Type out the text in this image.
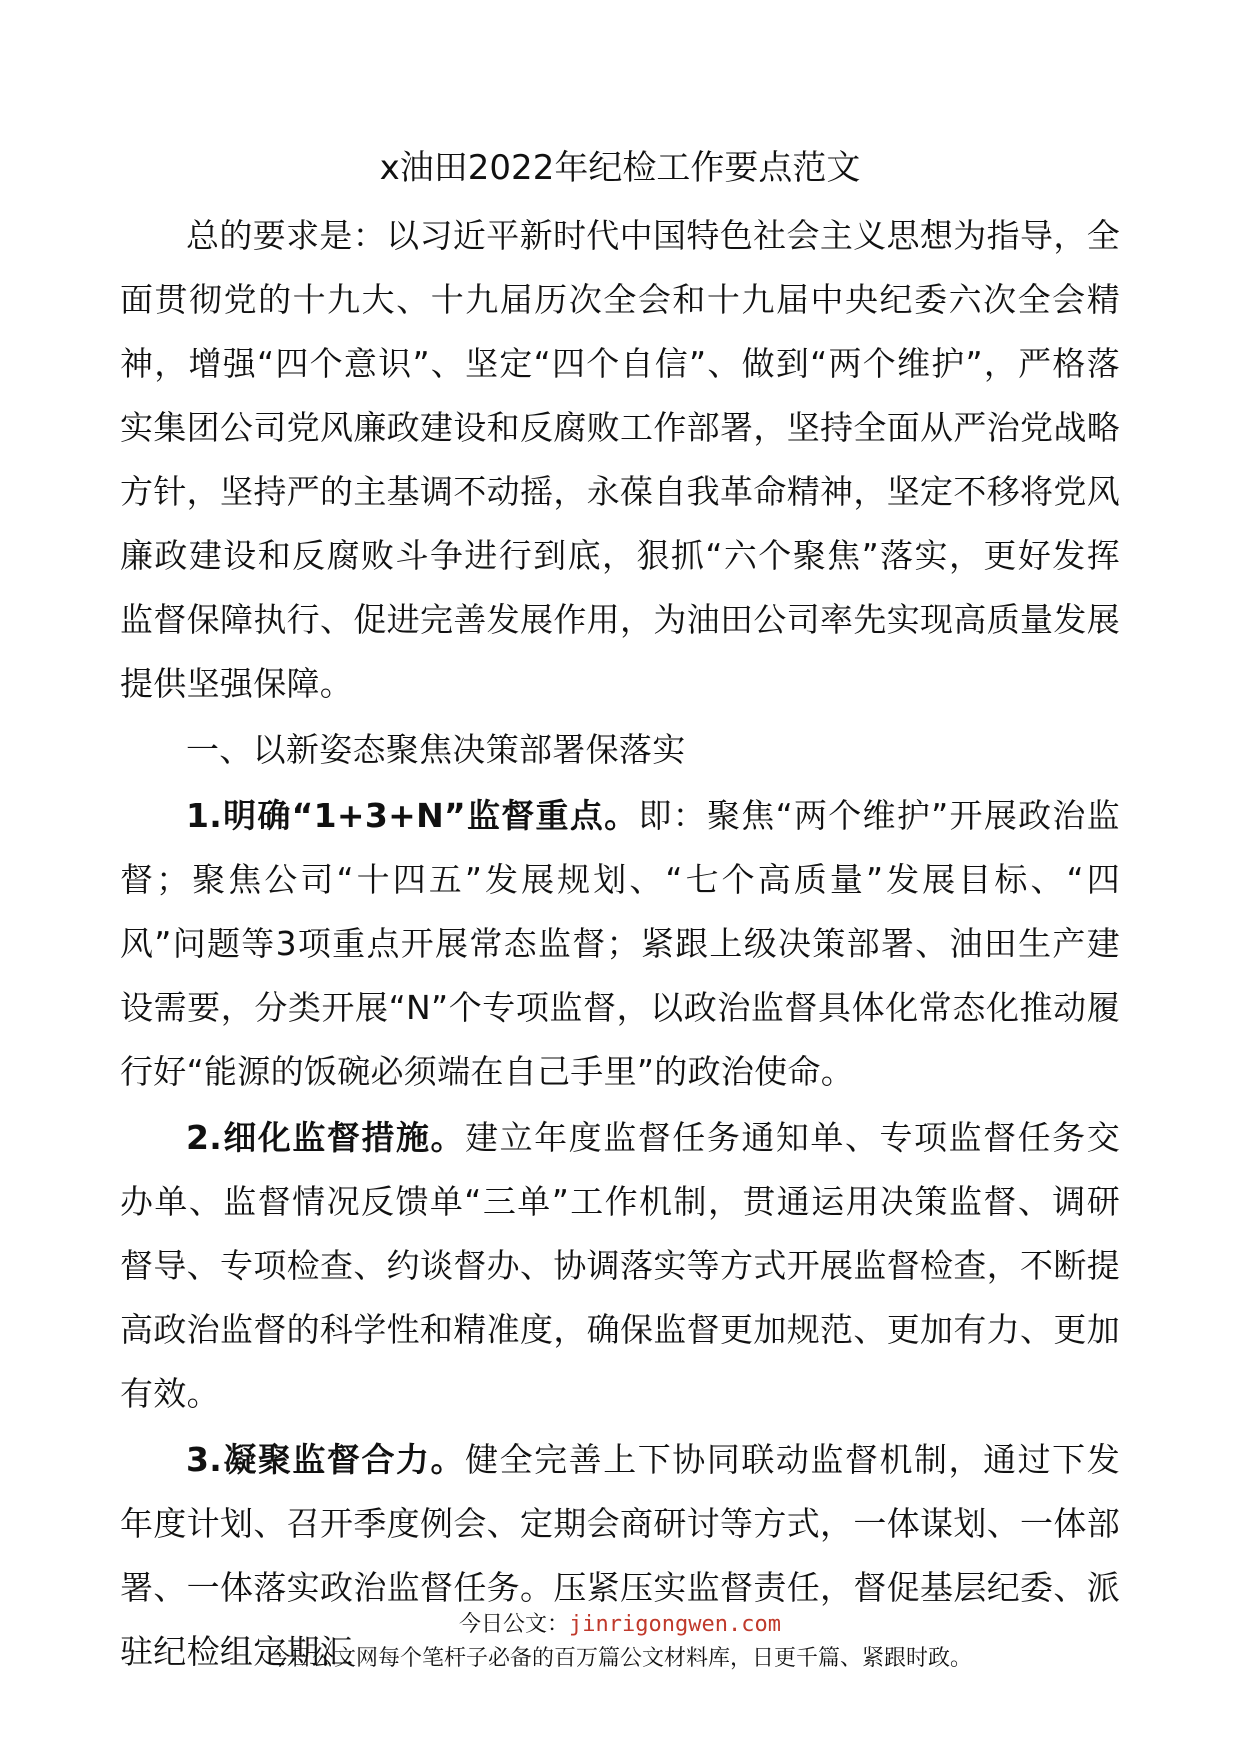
x油田2022年纪检工作要点范文

总的要求是：以习近平新时代中国特色社会主义思想为指导，全面贯彻党的十九大、十九届历次全会和十九届中央纪委六次全会精神，增强“四个意识”、坚定“四个自信”、做到“两个维护”，严格落实集团公司党风廉政建设和反腐败工作部署，坚持全面从严治党战略方针，坚持严的主基调不动摇，永葆自我革命精神，坚定不移将党风廉政建设和反腐败斗争进行到底，狠抓“六个聚焦”落实，更好发挥监督保障执行、促进完善发展作用，为油田公司率先实现高质量发展提供坚强保障。

一、以新姿态聚焦决策部署保落实

1.明确“1+3+N”监督重点。即：聚焦“两个维护”开展政治监督；聚焦公司“十四五”发展规划、“七个高质量”发展目标、“四风”问题等3项重点开展常态监督；紧跟上级决策部署、油田生产建设需要，分类开展“N”个专项监督，以政治监督具体化常态化推动履行好“能源的饭碗必须端在自己手里”的政治使命。

2.细化监督措施。建立年度监督任务通知单、专项监督任务交办单、监督情况反馈单“三单”工作机制，贯通运用决策监督、调研督导、专项检查、约谈督办、协调落实等方式开展监督检查，不断提高政治监督的科学性和精准度，确保监督更加规范、更加有力、更加有效。

3.凝聚监督合力。健全完善上下协同联动监督机制，通过下发年度计划、召开季度例会、定期会商研讨等方式，一体谋划、一体部署、一体落实政治监督任务。压紧压实监督责任，督促基层纪委、派驻纪检组定期汇

今日公文：jinrigongwen.com
今日公文网每个笔杆子必备的百万篇公文材料库，日更千篇、紧跟时政。
